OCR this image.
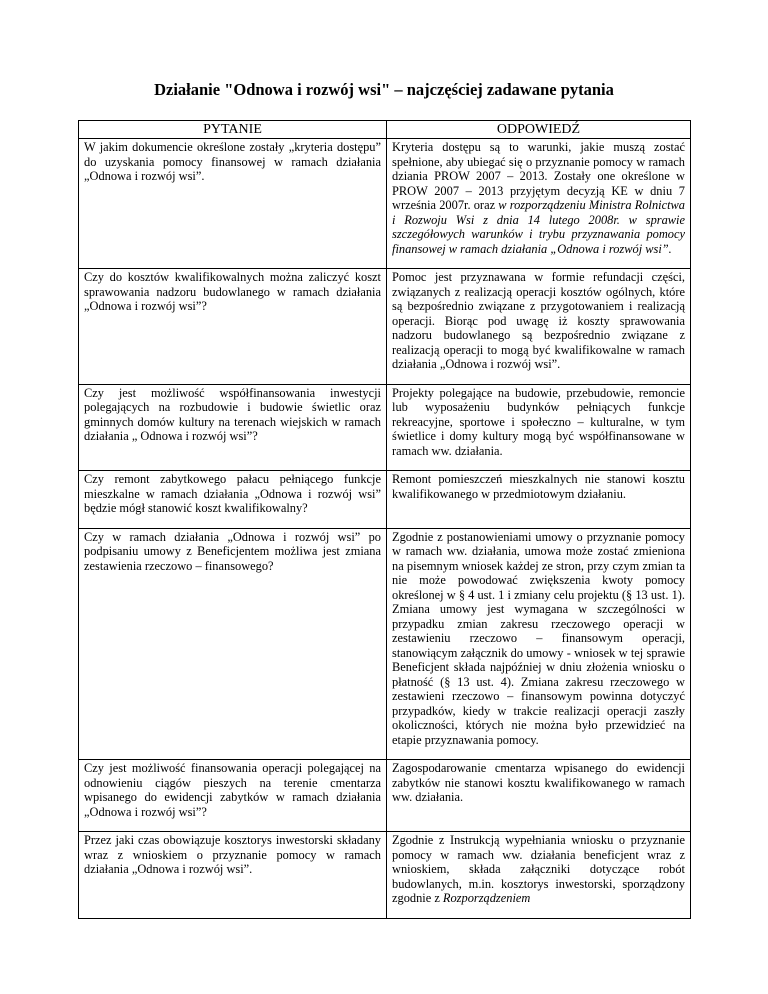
Działanie "Odnowa i rozwój wsi" – najczęściej zadawane pytania
PYTANIE	ODPOWIEDŹ
W jakim dokumencie określone zostały „kryteria dostępu” do uzyskania pomocy finansowej w ramach działania „Odnowa i rozwój wsi”.	Kryteria dostępu są to warunki, jakie muszą zostać spełnione, aby ubiegać się o przyznanie pomocy w ramach dziania PROW 2007 – 2013. Zostały one określone w PROW 2007 – 2013 przyjętym decyzją KE w dniu 7 września 2007r. oraz w rozporządzeniu Ministra Rolnictwa i Rozwoju Wsi z dnia 14 lutego 2008r. w sprawie szczegółowych warunków i trybu przyznawania pomocy finansowej w ramach działania „Odnowa i rozwój wsi”.
Czy do kosztów kwalifikowalnych można zaliczyć koszt sprawowania nadzoru budowlanego w ramach działania „Odnowa i rozwój wsi”?	Pomoc jest przyznawana w formie refundacji części, związanych z realizacją operacji kosztów ogólnych, które są bezpośrednio związane z przygotowaniem i realizacją operacji. Biorąc pod uwagę iż koszty sprawowania nadzoru budowlanego są bezpośrednio związane z realizacją operacji to mogą być kwalifikowalne w ramach działania „Odnowa i rozwój wsi”.
Czy jest możliwość współfinansowania inwestycji polegających na rozbudowie i budowie świetlic oraz gminnych domów kultury na terenach wiejskich w ramach działania „ Odnowa i rozwój wsi”?	Projekty polegające na budowie, przebudowie, remoncie lub wyposażeniu budynków pełniących funkcje rekreacyjne, sportowe i społeczno – kulturalne, w tym świetlice i domy kultury mogą być współfinansowane w ramach ww. działania.
Czy remont zabytkowego pałacu pełniącego funkcje mieszkalne w ramach działania „Odnowa i rozwój wsi” będzie mógł stanowić koszt kwalifikowalny?	Remont pomieszczeń mieszkalnych nie stanowi kosztu kwalifikowanego w przedmiotowym działaniu.
Czy w ramach działania „Odnowa i rozwój wsi” po podpisaniu umowy z Beneficjentem możliwa jest zmiana zestawienia rzeczowo – finansowego?	Zgodnie z postanowieniami umowy o przyznanie pomocy w ramach ww. działania, umowa może zostać zmieniona na pisemnym wniosek każdej ze stron, przy czym zmian ta nie może powodować zwiększenia kwoty pomocy określonej w § 4 ust. 1 i zmiany celu projektu (§ 13 ust. 1). Zmiana umowy jest wymagana w szczególności w przypadku zmian zakresu rzeczowego operacji w zestawieniu rzeczowo – finansowym operacji, stanowiącym załącznik do umowy - wniosek w tej sprawie Beneficjent składa najpóźniej w dniu złożenia wniosku o płatność (§ 13 ust. 4). Zmiana zakresu rzeczowego w zestawieni rzeczowo – finansowym powinna dotyczyć przypadków, kiedy w trakcie realizacji operacji zaszły okoliczności, których nie można było przewidzieć na etapie przyznawania pomocy.
Czy jest możliwość finansowania operacji polegającej na odnowieniu ciągów pieszych na terenie cmentarza wpisanego do ewidencji zabytków w ramach działania „Odnowa i rozwój wsi”?	Zagospodarowanie cmentarza wpisanego do ewidencji zabytków nie stanowi kosztu kwalifikowanego w ramach ww. działania.
Przez jaki czas obowiązuje kosztorys inwestorski składany wraz z wnioskiem o przyznanie pomocy w ramach działania „Odnowa i rozwój wsi”.	Zgodnie z Instrukcją wypełniania wniosku o przyznanie pomocy w ramach ww. działania beneficjent wraz z wnioskiem, składa załączniki dotyczące robót budowlanych, m.in. kosztorys inwestorski, sporządzony zgodnie z Rozporządzeniem
